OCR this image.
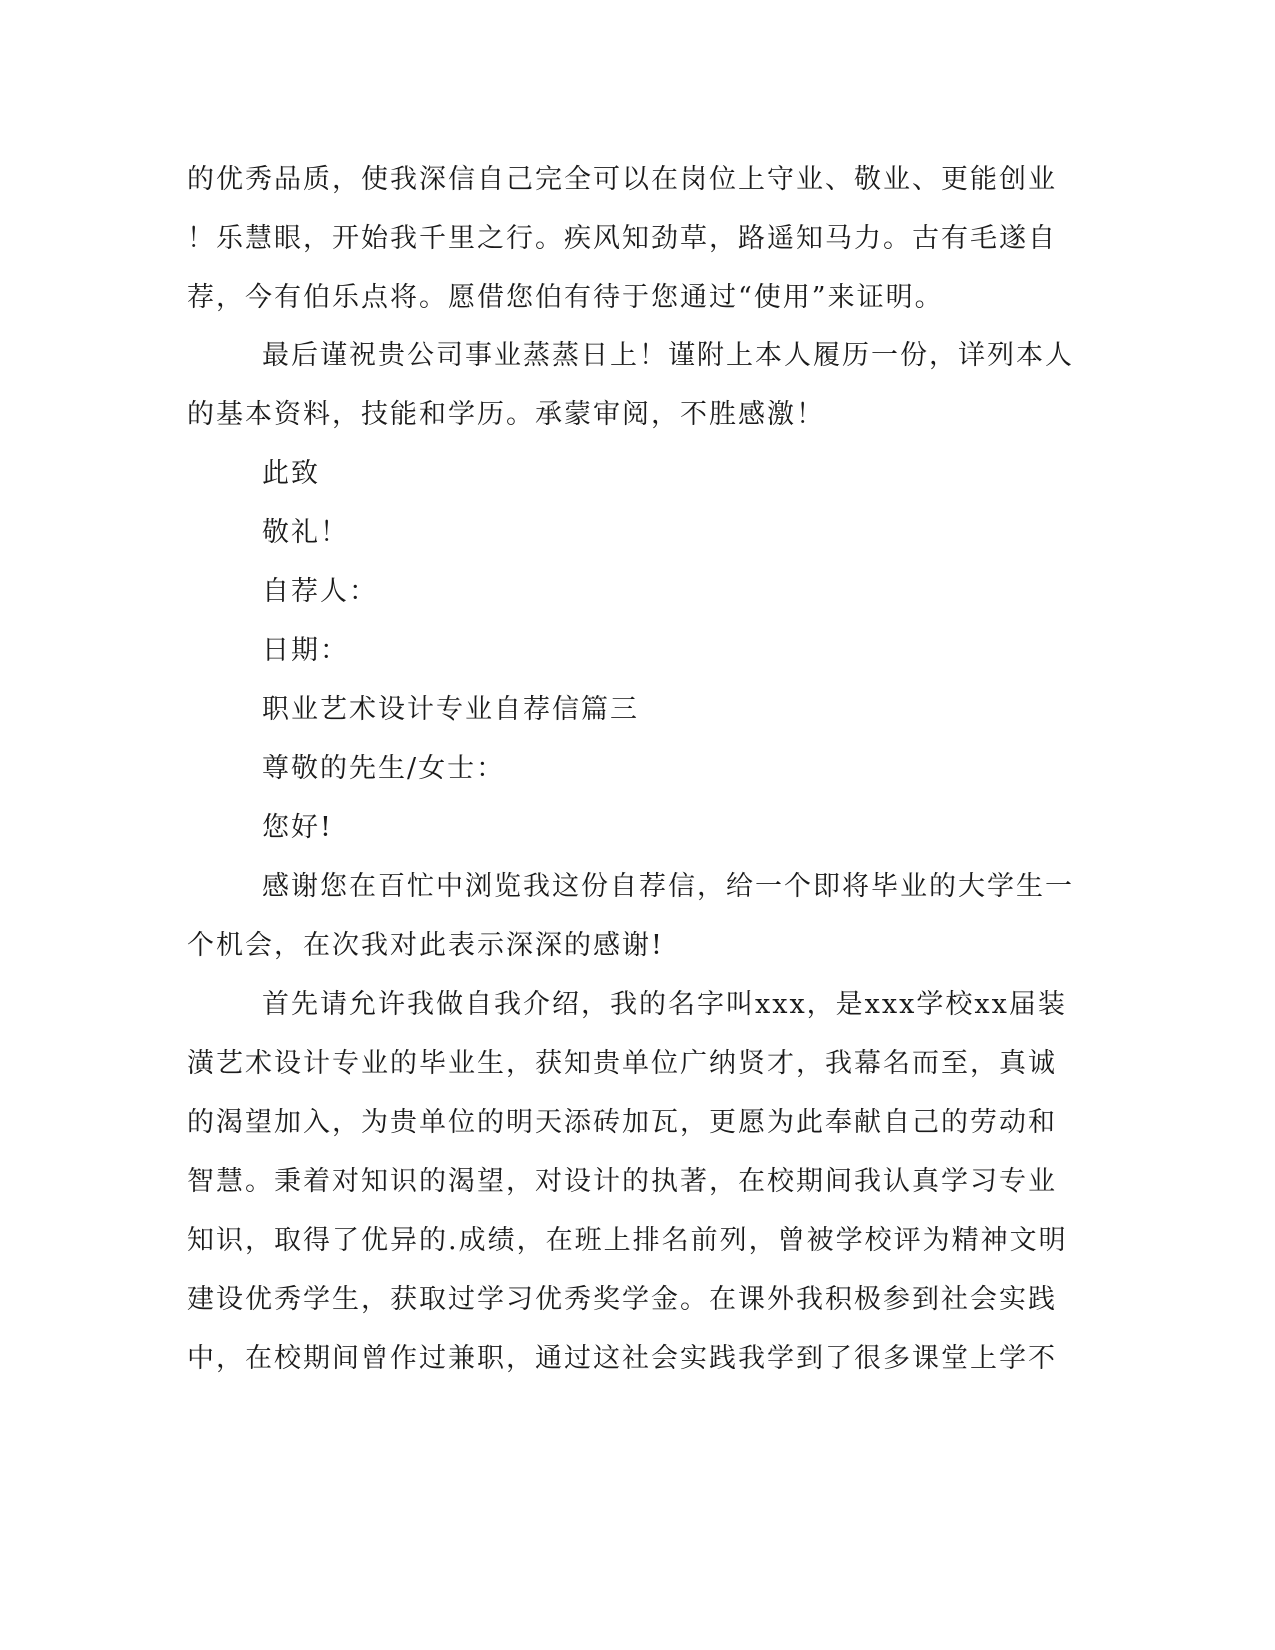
的优秀品质，使我深信自己完全可以在岗位上守业、敬业、更能创业
！乐慧眼，开始我千里之行。疾风知劲草，路遥知马力。古有毛遂自
荐，今有伯乐点将。愿借您伯有待于您通过“使用”来证明。
最后谨祝贵公司事业蒸蒸日上！谨附上本人履历一份，详列本人
的基本资料，技能和学历。承蒙审阅，不胜感激！
此致
敬礼！
自荐人：
日期：
职业艺术设计专业自荐信篇三
尊敬的先生/女士：
您好!
感谢您在百忙中浏览我这份自荐信，给一个即将毕业的大学生一
个机会，在次我对此表示深深的感谢!
首先请允许我做自我介绍，我的名字叫xxx，是xxx学校xx届装
潢艺术设计专业的毕业生，获知贵单位广纳贤才，我幕名而至，真诚
的渴望加入，为贵单位的明天添砖加瓦，更愿为此奉献自己的劳动和
智慧。秉着对知识的渴望，对设计的执著，在校期间我认真学习专业
知识，取得了优异的.成绩，在班上排名前列，曾被学校评为精神文明
建设优秀学生，获取过学习优秀奖学金。在课外我积极参到社会实践
中，在校期间曾作过兼职，通过这社会实践我学到了很多课堂上学不
